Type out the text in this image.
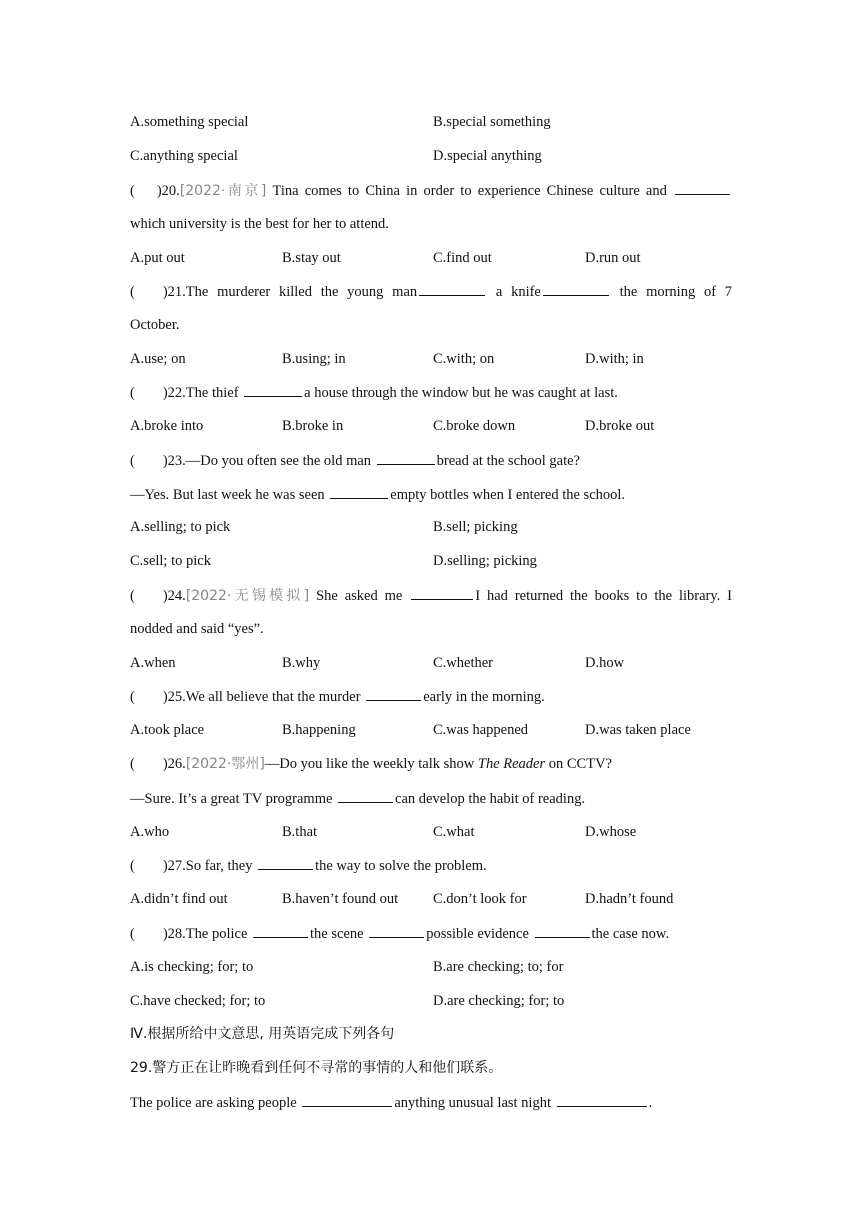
A.something special	B.special something
C.anything special	D.special anything
( )20.[2022·南京] Tina comes to China in order to experience Chinese culture and
which university is the best for her to attend.
A.put out	B.stay out	C.find out	D.run out
( )21.The murderer killed the young man	a knife	the morning of 7
October.
A.use; on	B.using; in	C.with; on	D.with; in
( )22.The thief	a house through the window but he was caught at last.
A.broke into	B.broke in	C.broke down	D.broke out
( )23.—Do you often see the old man	bread at the school gate?
—Yes. But last week he was seen	empty bottles when I entered the school.
A.selling; to pick	B.sell; picking
C.sell; to pick	D.selling; picking
( )24.[2022·无锡模拟] She asked me	I had returned the books to the library. I
nodded and said “yes”.
A.when	B.why	C.whether	D.how
( )25.We all believe that the murder	early in the morning.
A.took place	B.happening	C.was happened	D.was taken place
( )26.[2022·鄂州]—Do you like the weekly talk show The Reader on CCTV?
—Sure. It’s a great TV programme	can develop the habit of reading.
A.who	B.that	C.what	D.whose
( )27.So far, they	the way to solve the problem.
A.didn’t find out	B.haven’t found out C.don’t look for	D.hadn’t found
( )28.The police	the scene	possible evidence	the case now.
A.is checking; for; to	B.are checking; to; for
C.have checked; for; to	D.are checking; for; to
Ⅳ.根据所给中文意思, 用英语完成下列各句
29.警方正在让昨晚看到任何不寻常的事情的人和他们联系。
The police are asking people	anything unusual last night	.
